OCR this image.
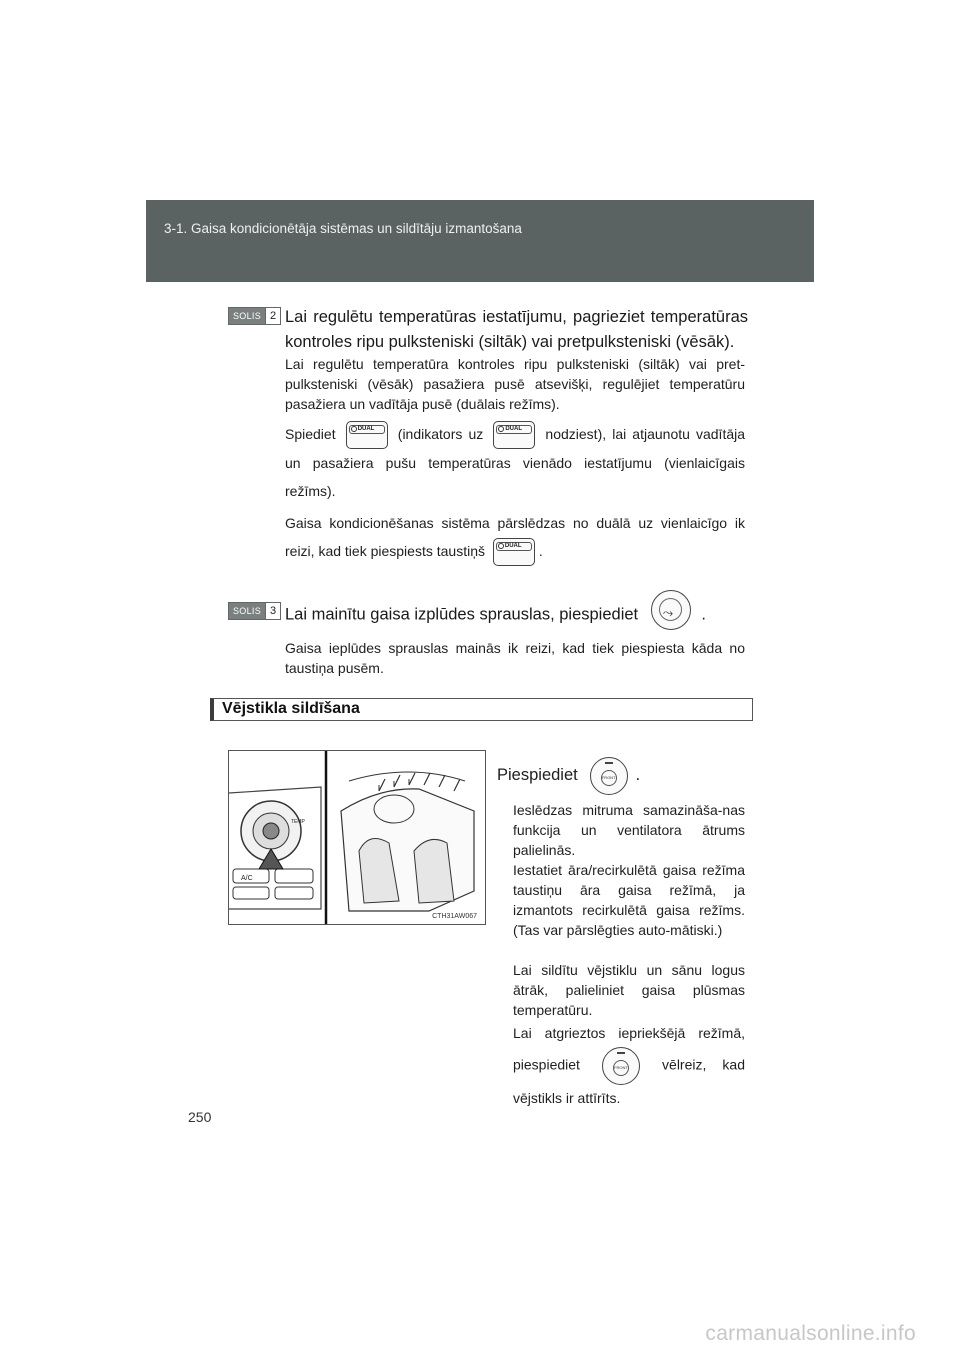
3-1. Gaisa kondicionētāja sistēmas un sildītāju izmantošana
SOLIS 2 Lai regulētu temperatūras iestatījumu, pagrieziet temperatūras kontroles ripu pulksteniski (siltāk) vai pretpulksteniski (vēsāk).
Lai regulētu temperatūra kontroles ripu pulksteniski (siltāk) vai pret-pulksteniski (vēsāk) pasažiera pusē atsevišķi, regulējiet temperatūru pasažiera un vadītāja pusē (duālais režīms).
Spiediet	DUAL (indikators uz	DUAL nodziest), lai atjaunotu vadītāja un pasažiera pušu temperatūras vienādo iestatījumu (vienlaicīgais režīms).
Gaisa kondicionēšanas sistēma pārslēdzas no duālā uz vienlaicīgo ik reizi, kad tiek piespiests taustiņš	DUAL .
SOLIS 3 Lai mainītu gaisa izplūdes sprauslas, piespiediet ⤳ .
Gaisa ieplūdes sprauslas mainās ik reizi, kad tiek piespiesta kāda no taustiņa pusēm.
Vējstikla sildīšana
A/C
TEMP
CTH31AW067
Piespiediet	FRONT .
Ieslēdzas mitruma samazināša-nas funkcija un ventilatora ātrums palielinās.
Iestatiet āra/recirkulētā gaisa režīma taustiņu āra gaisa režīmā, ja izmantots recirkulētā gaisa režīms. (Tas var pārslēgties auto-mātiski.)
Lai sildītu vējstiklu un sānu logus ātrāk, palieliniet gaisa plūsmas temperatūru.
Lai atgrieztos iepriekšējā režīmā, piespiediet	FRONT vēlreiz, kad vējstikls ir attīrīts.
250
carmanualsonline.info
